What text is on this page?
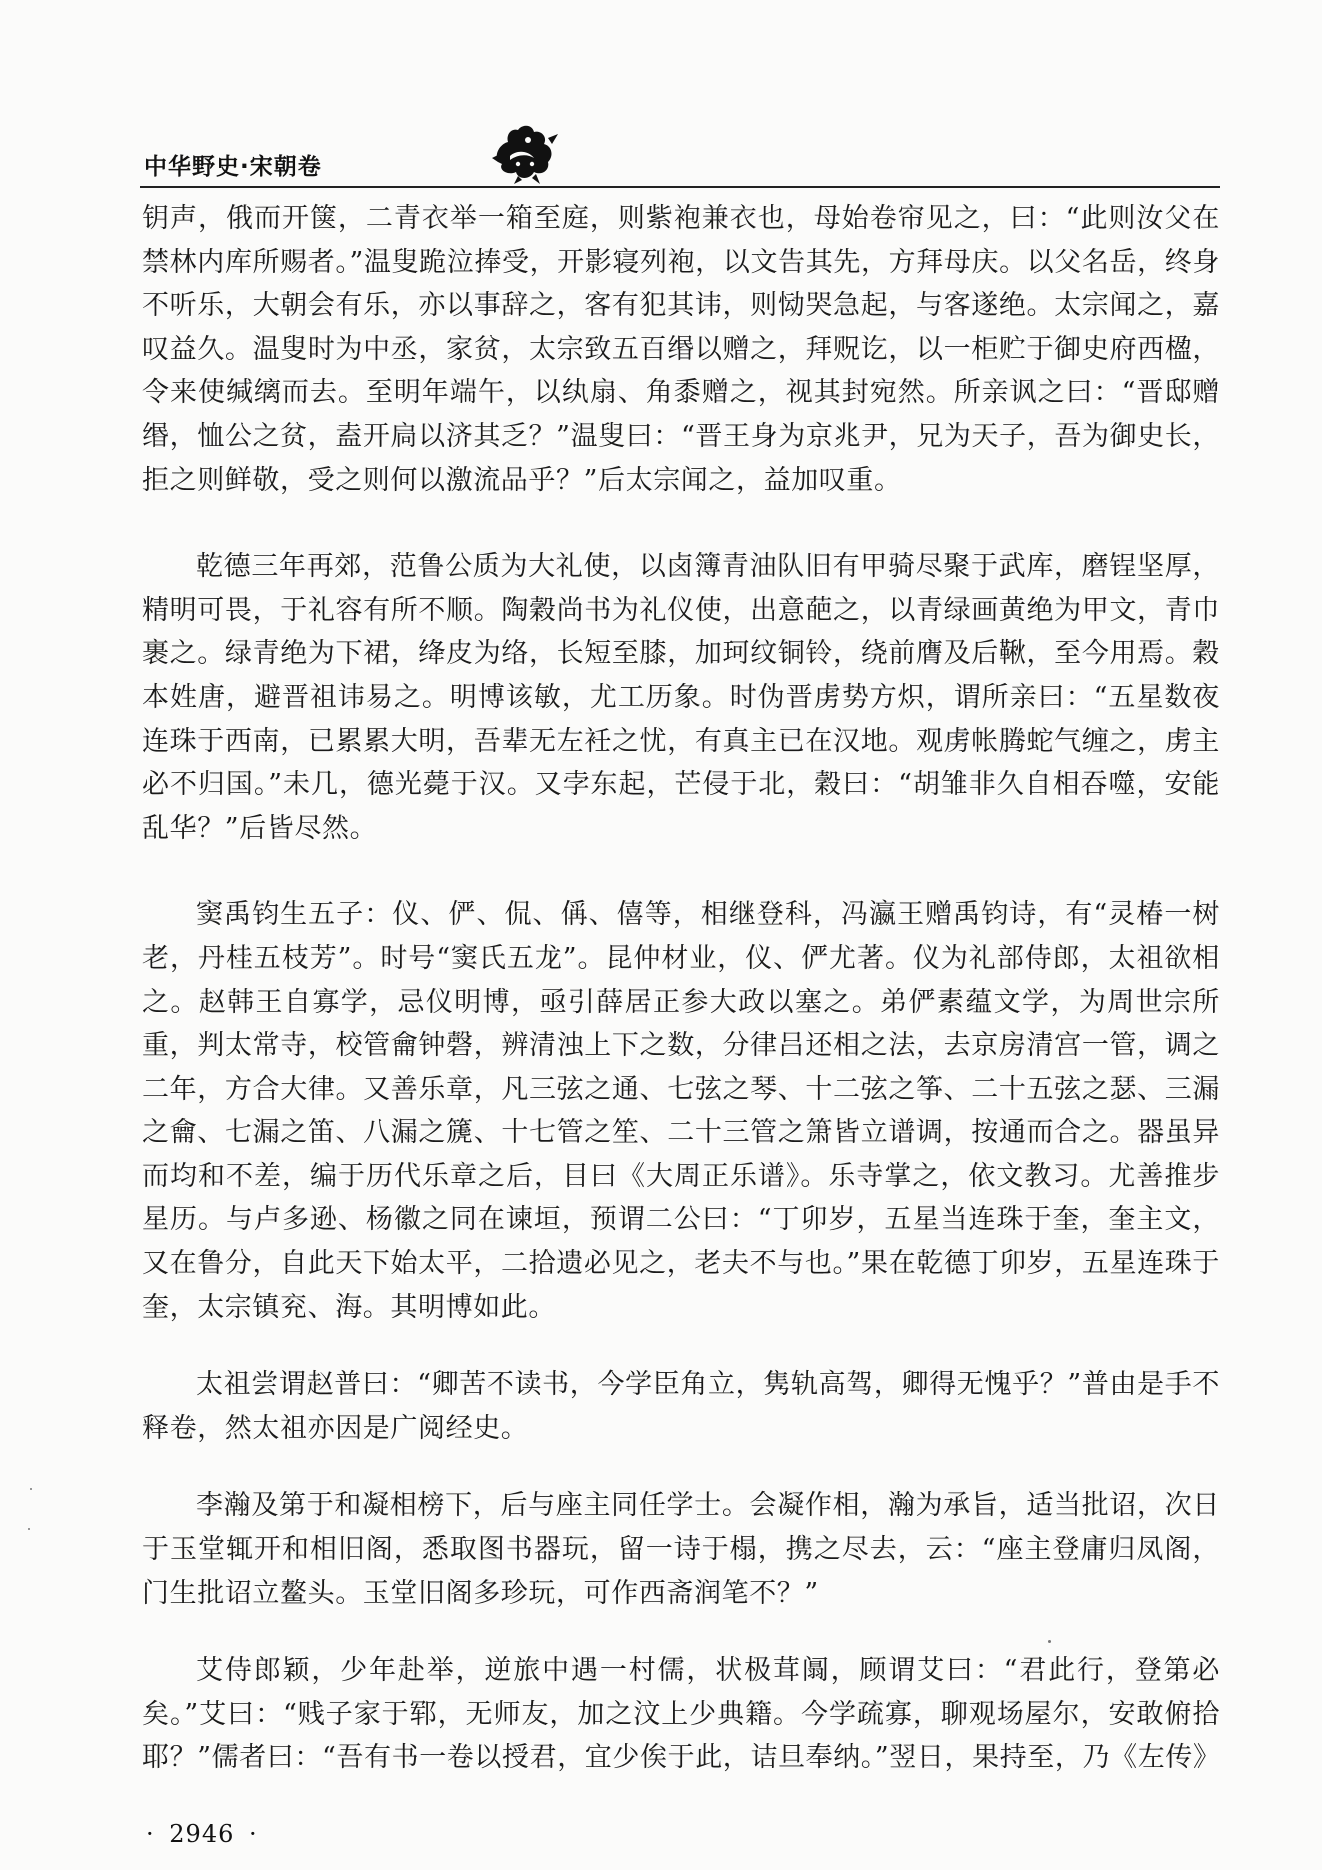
中华野史·宋朝卷

钥声，俄而开箧，二青衣举一箱至庭，则紫袍兼衣也，母始卷帘见之，曰：“此则汝父在禁林内库所赐者。”温叟跪泣捧受，开影寝列袍，以文告其先，方拜母庆。以父名岳，终身不听乐，大朝会有乐，亦以事辞之，客有犯其讳，则恸哭急起，与客遂绝。太宗闻之，嘉叹益久。温叟时为中丞，家贫，太宗致五百缗以赠之，拜贶讫，以一柜贮于御史府西楹，令来使缄缡而去。至明年端午，以纨扇、角黍赠之，视其封宛然。所亲讽之曰：“晋邸赠缗，恤公之贫，盍开扃以济其乏？”温叟曰：“晋王身为京兆尹，兄为天子，吾为御史长，拒之则鲜敬，受之则何以激流品乎？”后太宗闻之，益加叹重。

乾德三年再郊，范鲁公质为大礼使，以卤簿青油队旧有甲骑尽聚于武库，磨锃坚厚，精明可畏，于礼容有所不顺。陶穀尚书为礼仪使，出意葩之，以青绿画黄绝为甲文，青巾裹之。绿青绝为下裙，绛皮为络，长短至膝，加珂纹铜铃，绕前膺及后鞦，至今用焉。穀本姓唐，避晋祖讳易之。明博该敏，尤工历象。时伪晋虏势方炽，谓所亲曰：“五星数夜连珠于西南，已累累大明，吾辈无左衽之忧，有真主已在汉地。观虏帐腾蛇气缠之，虏主必不归国。”未几，德光薨于汉。又孛东起，芒侵于北，穀曰：“胡雏非久自相吞噬，安能乱华？”后皆尽然。

窦禹钧生五子：仪、俨、侃、偁、僖等，相继登科，冯瀛王赠禹钧诗，有“灵椿一树老，丹桂五枝芳”。时号“窦氏五龙”。昆仲材业，仪、俨尤著。仪为礼部侍郎，太祖欲相之。赵韩王自寡学，忌仪明博，亟引薛居正参大政以塞之。弟俨素蕴文学，为周世宗所重，判太常寺，校管龠钟磬，辨清浊上下之数，分律吕还相之法，去京房清宫一管，调之二年，方合大律。又善乐章，凡三弦之通、七弦之琴、十二弦之筝、二十五弦之瑟、三漏之龠、七漏之笛、八漏之篪、十七管之笙、二十三管之箫皆立谱调，按通而合之。器虽异而均和不差，编于历代乐章之后，目曰《大周正乐谱》。乐寺掌之，依文教习。尤善推步星历。与卢多逊、杨徽之同在谏垣，预谓二公曰：“丁卯岁，五星当连珠于奎，奎主文，又在鲁分，自此天下始太平，二拾遗必见之，老夫不与也。”果在乾德丁卯岁，五星连珠于奎，太宗镇兖、海。其明博如此。

太祖尝谓赵普曰：“卿苦不读书，今学臣角立，隽轨高驾，卿得无愧乎？”普由是手不释卷，然太祖亦因是广阅经史。

李瀚及第于和凝相榜下，后与座主同任学士。会凝作相，瀚为承旨，适当批诏，次日于玉堂辄开和相旧阁，悉取图书器玩，留一诗于榻，携之尽去，云：“座主登庸归凤阁，门生批诏立鳌头。玉堂旧阁多珍玩，可作西斋润笔不？”

艾侍郎颖，少年赴举，逆旅中遇一村儒，状极茸阘，顾谓艾曰：“君此行，登第必矣。”艾曰：“贱子家于郓，无师友，加之汶上少典籍。今学疏寡，聊观场屋尔，安敢俯拾耶？”儒者曰：“吾有书一卷以授君，宜少俟于此，诘旦奉纳。”翌日，果持至，乃《左传》

· 2946 ·
